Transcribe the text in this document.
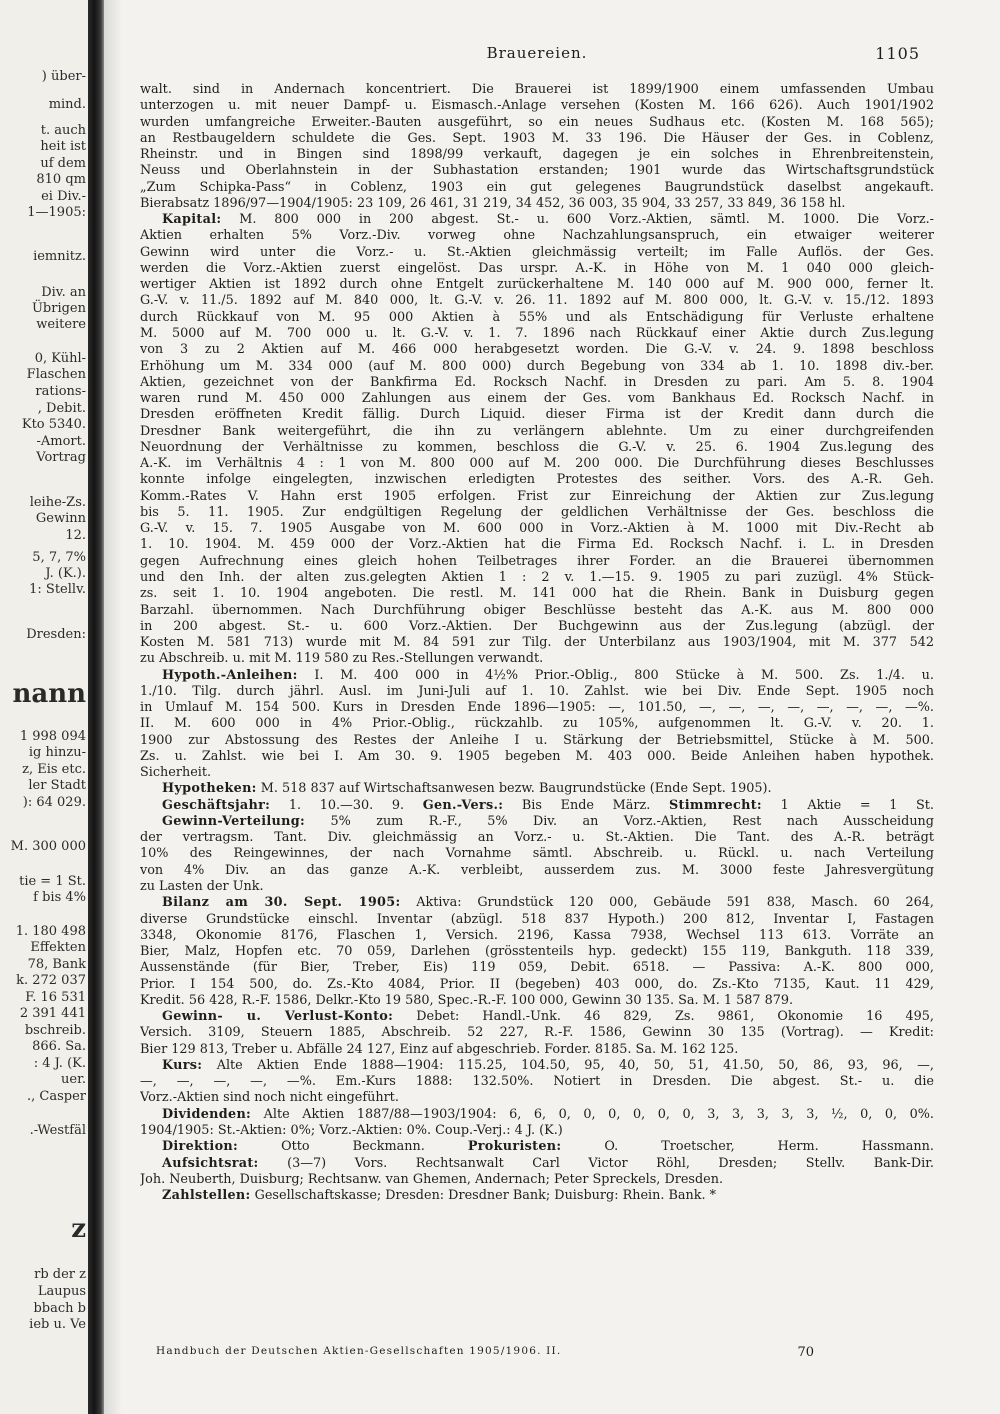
) über-
mind.
t. auch
heit ist
uf dem
810 qm
ei Div.-
1—1905:
iemnitz.
Div. an
Übrigen
weitere
0, Kühl-
Flaschen
rations-
, Debit.
Kto 5340.
-Amort.
Vortrag
leihe-Zs.
Gewinn
12.
5, 7, 7%
J. (K.).
1: Stellv.
Dresden:
nann
1 998 094
ig hinzu-
z, Eis etc.
ler Stadt
): 64 029.
M. 300 000
tie = 1 St.
f bis 4%
1. 180 498
Effekten
78, Bank
k. 272 037
F. 16 531
2 391 441
bschreib.
866. Sa.
: 4 J. (K.
uer.
., Casper
.-Westfäl
z
rb der z
Laupus
bbach b
ieb u. Ve
Brauereien.	1105
walt. sind in Andernach koncentriert. Die Brauerei ist 1899/1900 einem umfassenden Umbau
unterzogen u. mit neuer Dampf- u. Eismasch.-Anlage versehen (Kosten M. 166 626). Auch 1901/1902
wurden umfangreiche Erweiter.-Bauten ausgeführt, so ein neues Sudhaus etc. (Kosten M. 168 565);
an Restbaugeldern schuldete die Ges. Sept. 1903 M. 33 196. Die Häuser der Ges. in Coblenz,
Rheinstr. und in Bingen sind 1898/99 verkauft, dagegen je ein solches in Ehrenbreitenstein,
Neuss und Oberlahnstein in der Subhastation erstanden; 1901 wurde das Wirtschaftsgrundstück
„Zum Schipka-Pass“ in Coblenz, 1903 ein gut gelegenes Baugrundstück daselbst angekauft.
Bierabsatz 1896/97—1904/1905: 23 109, 26 461, 31 219, 34 452, 36 003, 35 904, 33 257, 33 849, 36 158 hl.
Kapital: M. 800 000 in 200 abgest. St.- u. 600 Vorz.-Aktien, sämtl. M. 1000. Die Vorz.-
Aktien erhalten 5% Vorz.-Div. vorweg ohne Nachzahlungsanspruch, ein etwaiger weiterer
Gewinn wird unter die Vorz.- u. St.-Aktien gleichmässig verteilt; im Falle Auflös. der Ges.
werden die Vorz.-Aktien zuerst eingelöst. Das urspr. A.-K. in Höhe von M. 1 040 000 gleich-
wertiger Aktien ist 1892 durch ohne Entgelt zurückerhaltene M. 140 000 auf M. 900 000, ferner lt.
G.-V. v. 11./5. 1892 auf M. 840 000, lt. G.-V. v. 26. 11. 1892 auf M. 800 000, lt. G.-V. v. 15./12. 1893
durch Rückkauf von M. 95 000 Aktien à 55% und als Entschädigung für Verluste erhaltene
M. 5000 auf M. 700 000 u. lt. G.-V. v. 1. 7. 1896 nach Rückkauf einer Aktie durch Zus.legung
von 3 zu 2 Aktien auf M. 466 000 herabgesetzt worden. Die G.-V. v. 24. 9. 1898 beschloss
Erhöhung um M. 334 000 (auf M. 800 000) durch Begebung von 334 ab 1. 10. 1898 div.-ber.
Aktien, gezeichnet von der Bankfirma Ed. Rocksch Nachf. in Dresden zu pari. Am 5. 8. 1904
waren rund M. 450 000 Zahlungen aus einem der Ges. vom Bankhaus Ed. Rocksch Nachf. in
Dresden eröffneten Kredit fällig. Durch Liquid. dieser Firma ist der Kredit dann durch die
Dresdner Bank weitergeführt, die ihn zu verlängern ablehnte. Um zu einer durchgreifenden
Neuordnung der Verhältnisse zu kommen, beschloss die G.-V. v. 25. 6. 1904 Zus.legung des
A.-K. im Verhältnis 4 : 1 von M. 800 000 auf M. 200 000. Die Durchführung dieses Beschlusses
konnte infolge eingelegten, inzwischen erledigten Protestes des seither. Vors. des A.-R. Geh.
Komm.-Rates V. Hahn erst 1905 erfolgen. Frist zur Einreichung der Aktien zur Zus.legung
bis 5. 11. 1905. Zur endgültigen Regelung der geldlichen Verhältnisse der Ges. beschloss die
G.-V. v. 15. 7. 1905 Ausgabe von M. 600 000 in Vorz.-Aktien à M. 1000 mit Div.-Recht ab
1. 10. 1904. M. 459 000 der Vorz.-Aktien hat die Firma Ed. Rocksch Nachf. i. L. in Dresden
gegen Aufrechnung eines gleich hohen Teilbetrages ihrer Forder. an die Brauerei übernommen
und den Inh. der alten zus.gelegten Aktien 1 : 2 v. 1.—15. 9. 1905 zu pari zuzügl. 4% Stück-
zs. seit 1. 10. 1904 angeboten. Die restl. M. 141 000 hat die Rhein. Bank in Duisburg gegen
Barzahl. übernommen. Nach Durchführung obiger Beschlüsse besteht das A.-K. aus M. 800 000
in 200 abgest. St.- u. 600 Vorz.-Aktien. Der Buchgewinn aus der Zus.legung (abzügl. der
Kosten M. 581 713) wurde mit M. 84 591 zur Tilg. der Unterbilanz aus 1903/1904, mit M. 377 542
zu Abschreib. u. mit M. 119 580 zu Res.-Stellungen verwandt.
Hypoth.-Anleihen: I. M. 400 000 in 4½% Prior.-Oblig., 800 Stücke à M. 500. Zs. 1./4. u.
1./10. Tilg. durch jährl. Ausl. im Juni-Juli auf 1. 10. Zahlst. wie bei Div. Ende Sept. 1905 noch
in Umlauf M. 154 500. Kurs in Dresden Ende 1896—1905: —, 101.50, —, —, —, —, —, —, —, —%.
II. M. 600 000 in 4% Prior.-Oblig., rückzahlb. zu 105%, aufgenommen lt. G.-V. v. 20. 1.
1900 zur Abstossung des Restes der Anleihe I u. Stärkung der Betriebsmittel, Stücke à M. 500.
Zs. u. Zahlst. wie bei I. Am 30. 9. 1905 begeben M. 403 000. Beide Anleihen haben hypothek.
Sicherheit.
Hypotheken: M. 518 837 auf Wirtschaftsanwesen bezw. Baugrundstücke (Ende Sept. 1905).
Geschäftsjahr: 1. 10.—30. 9. Gen.-Vers.: Bis Ende März. Stimmrecht: 1 Aktie = 1 St.
Gewinn-Verteilung: 5% zum R.-F., 5% Div. an Vorz.-Aktien, Rest nach Ausscheidung
der vertragsm. Tant. Div. gleichmässig an Vorz.- u. St.-Aktien. Die Tant. des A.-R. beträgt
10% des Reingewinnes, der nach Vornahme sämtl. Abschreib. u. Rückl. u. nach Verteilung
von 4% Div. an das ganze A.-K. verbleibt, ausserdem zus. M. 3000 feste Jahresvergütung
zu Lasten der Unk.
Bilanz am 30. Sept. 1905: Aktiva: Grundstück 120 000, Gebäude 591 838, Masch. 60 264,
diverse Grundstücke einschl. Inventar (abzügl. 518 837 Hypoth.) 200 812, Inventar I, Fastagen
3348, Ökonomie 8176, Flaschen 1, Versich. 2196, Kassa 7938, Wechsel 113 613. Vorräte an
Bier, Malz, Hopfen etc. 70 059, Darlehen (grösstenteils hyp. gedeckt) 155 119, Bankguth. 118 339,
Aussenstände (für Bier, Treber, Eis) 119 059, Debit. 6518. — Passiva: A.-K. 800 000,
Prior. I 154 500, do. Zs.-Kto 4084, Prior. II (begeben) 403 000, do. Zs.-Kto 7135, Kaut. 11 429,
Kredit. 56 428, R.-F. 1586, Delkr.-Kto 19 580, Spec.-R.-F. 100 000, Gewinn 30 135. Sa. M. 1 587 879.
Gewinn- u. Verlust-Konto: Debet: Handl.-Unk. 46 829, Zs. 9861, Ökonomie 16 495,
Versich. 3109, Steuern 1885, Abschreib. 52 227, R.-F. 1586, Gewinn 30 135 (Vortrag). — Kredit:
Bier 129 813, Treber u. Abfälle 24 127, Einz auf abgeschrieb. Forder. 8185. Sa. M. 162 125.
Kurs: Alte Aktien Ende 1888—1904: 115.25, 104.50, 95, 40, 50, 51, 41.50, 50, 86, 93, 96, —,
—, —, —, —, —%. Em.-Kurs 1888: 132.50%. Notiert in Dresden. Die abgest. St.- u. die
Vorz.-Aktien sind noch nicht eingeführt.
Dividenden: Alte Aktien 1887/88—1903/1904: 6, 6, 0, 0, 0, 0, 0, 0, 3, 3, 3, 3, 3, ½, 0, 0, 0%.
1904/1905: St.-Aktien: 0%; Vorz.-Aktien: 0%. Coup.-Verj.: 4 J. (K.)
Direktion:	Otto Beckmann.	Prokuristen:	O. Troetscher, Herm. Hassmann.
Aufsichtsrat: (3—7) Vors. Rechtsanwalt Carl Victor Röhl, Dresden; Stellv. Bank-Dir.
Joh. Neuberth, Duisburg; Rechtsanw. van Ghemen, Andernach; Peter Spreckels, Dresden.
Zahlstellen: Gesellschaftskasse; Dresden: Dresdner Bank; Duisburg: Rhein. Bank. *
Handbuch der Deutschen Aktien-Gesellschaften 1905/1906. II.	70
